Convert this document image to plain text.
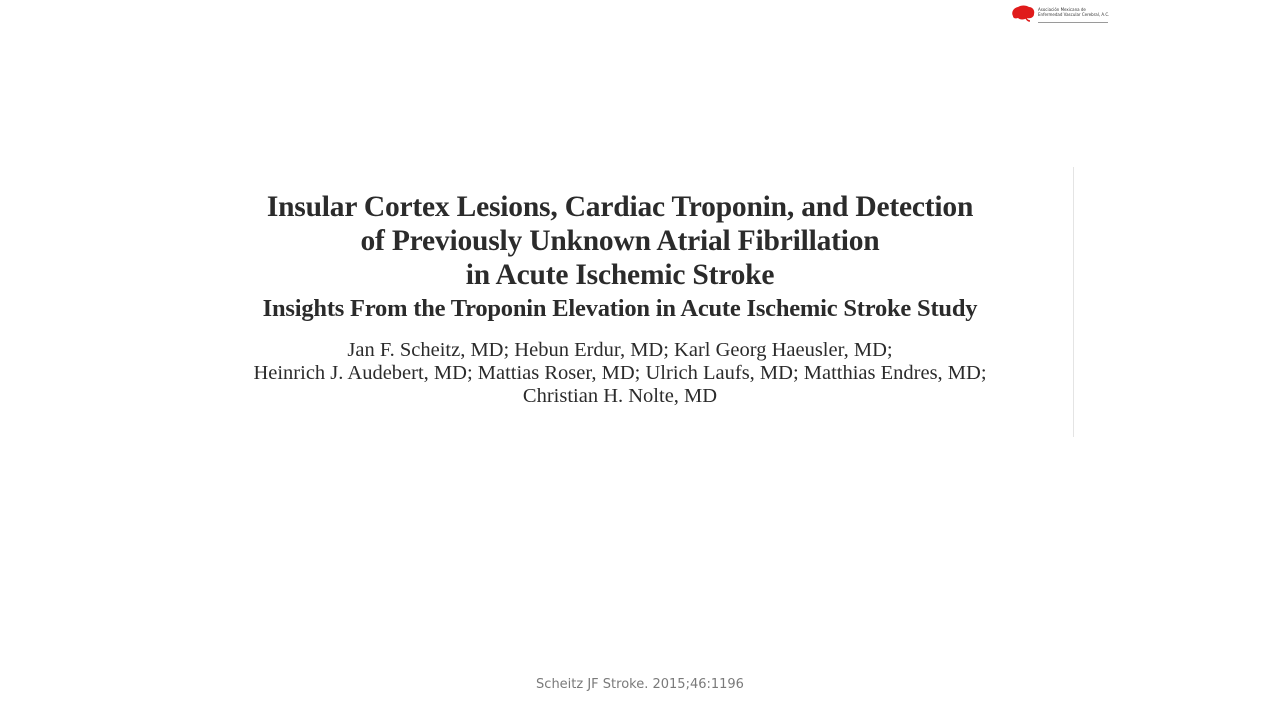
Asociación Mexicana de
Enfermedad Vascular Cerebral, A.C.
Insular Cortex Lesions, Cardiac Troponin, and Detection
of Previously Unknown Atrial Fibrillation
in Acute Ischemic Stroke
Insights From the Troponin Elevation in Acute Ischemic Stroke Study

Jan F. Scheitz, MD; Hebun Erdur, MD; Karl Georg Haeusler, MD;
Heinrich J. Audebert, MD; Mattias Roser, MD; Ulrich Laufs, MD; Matthias Endres, MD;
Christian H. Nolte, MD

Scheitz JF Stroke. 2015;46:1196
